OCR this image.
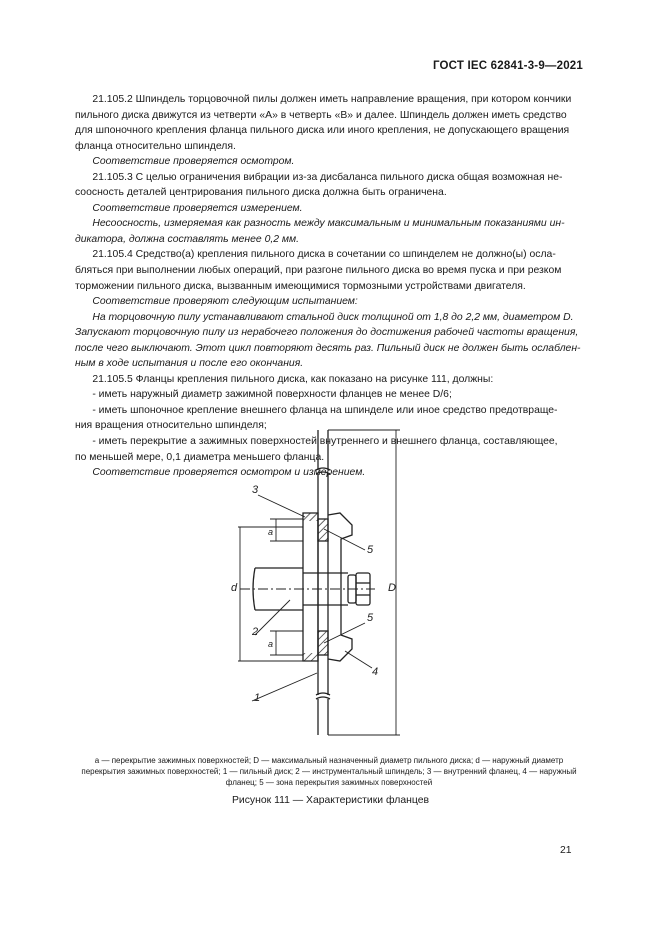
ГОСТ IEC 62841-3-9—2021
21.105.2 Шпиндель торцовочной пилы должен иметь направление вращения, при котором кончики
пильного диска движутся из четверти «А» в четверть «В» и далее. Шпиндель должен иметь средство
для шпоночного крепления фланца пильного диска или иного крепления, не допускающего вращения
фланца относительно шпинделя.
Соответствие проверяется осмотром.
21.105.3 С целью ограничения вибрации из-за дисбаланса пильного диска общая возможная не-
соосность деталей центрирования пильного диска должна быть ограничена.
Соответствие проверяется измерением.
Несоосность, измеряемая как разность между максимальным и минимальным показаниями ин-
дикатора, должна составлять менее 0,2 мм.
21.105.4 Средство(а) крепления пильного диска в сочетании со шпинделем не должно(ы) осла-
бляться при выполнении любых операций, при разгоне пильного диска во время пуска и при резком
торможении пильного диска, вызванным имеющимися тормозными устройствами двигателя.
Соответствие проверяют следующим испытанием:
На торцовочную пилу устанавливают стальной диск толщиной от 1,8 до 2,2 мм, диаметром D.
Запускают торцовочную пилу из нерабочего положения до достижения рабочей частоты вращения,
после чего выключают. Этот цикл повторяют десять раз. Пильный диск не должен быть ослаблен-
ным в ходе испытания и после его окончания.
21.105.5 Фланцы крепления пильного диска, как показано на рисунке 111, должны:
- иметь наружный диаметр зажимной поверхности фланцев не менее D/6;
- иметь шпоночное крепление внешнего фланца на шпинделе или иное средство предотвраще-
ния вращения относительно шпинделя;
- иметь перекрытие a зажимных поверхностей внутреннего и внешнего фланца, составляющее,
по меньшей мере, 0,1 диаметра меньшего фланца.
Соответствие проверяется осмотром и измерением.
3
2
1
5
5
4
a
a
d	D
a — перекрытие зажимных поверхностей; D — максимальный назначенный диаметр пильного диска; d — наружный диаметр перекрытия зажимных поверхностей; 1 — пильный диск; 2 — инструментальный шпиндель; 3 — внутренний фланец, 4 — наружный фланец; 5 — зона перекрытия зажимных поверхностей
Рисунок 111 — Характеристики фланцев
21
